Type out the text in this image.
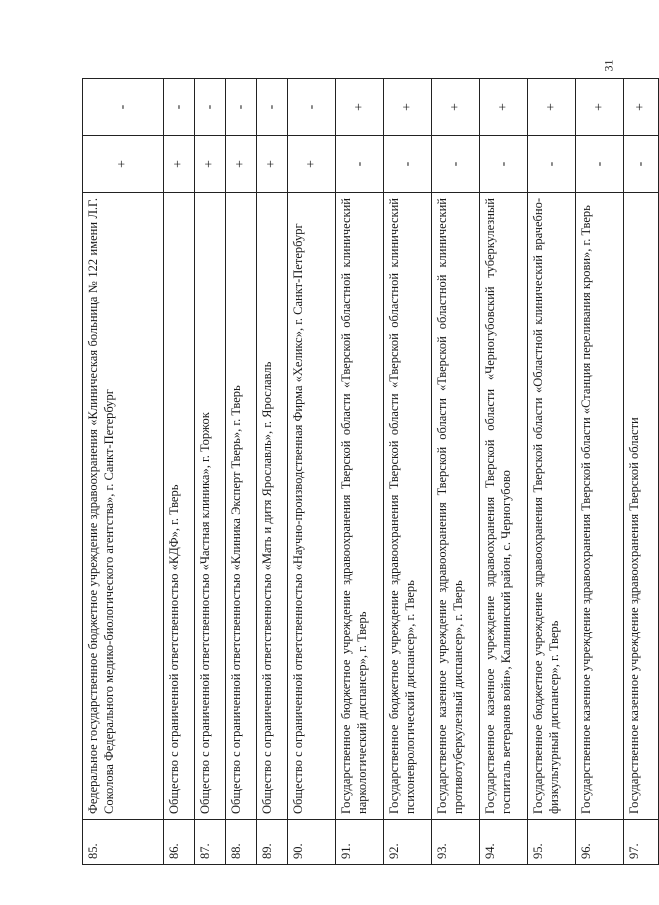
31
85.	Федеральное государственное бюджетное учреждение здравоохранения «Клиническая больница № 122 имени Л.Г. Соколова Федерального медико-биологического агентства», г. Санкт-Петербург	+	-
86.	Общество с ограниченной ответственностью «КДФ», г. Тверь	+	-
87.	Общество с ограниченной ответственностью «Частная клиника», г. Торжок	+	-
88.	Общество с ограниченной ответственностью «Клиника Эксперт Тверь», г. Тверь	+	-
89.	Общество с ограниченной ответственностью «Мать и дитя Ярославль», г. Ярославль	+	-
90.	Общество с ограниченной ответственностью «Научно-производственная Фирма «Хеликс», г. Санкт-Петербург	+	-
91.	Государственное бюджетное учреждение здравоохранения Тверской области «Тверской областной клинический наркологический диспансер», г. Тверь	-	+
92.	Государственное бюджетное учреждение здравоохранения Тверской области «Тверской областной клинический психоневрологический диспансер», г. Тверь	-	+
93.	Государственное казенное учреждение здравоохранения Тверской области «Тверской областной клинический противотуберкулезный диспансер», г. Тверь	-	+
94.	Государственное казенное учреждение здравоохранения Тверской области «Черногубовский туберкулезный госпиталь ветеранов войн», Калининский район, с. Черногубово	-	+
95.	Государственное бюджетное учреждение здравоохранения Тверской области «Областной клинический врачебно-физкультурный диспансер», г. Тверь	-	+
96.	Государственное казенное учреждение здравоохранения Тверской области «Станция переливания крови», г. Тверь	-	+
97.	Государственное казенное учреждение здравоохранения Тверской области	-	+
